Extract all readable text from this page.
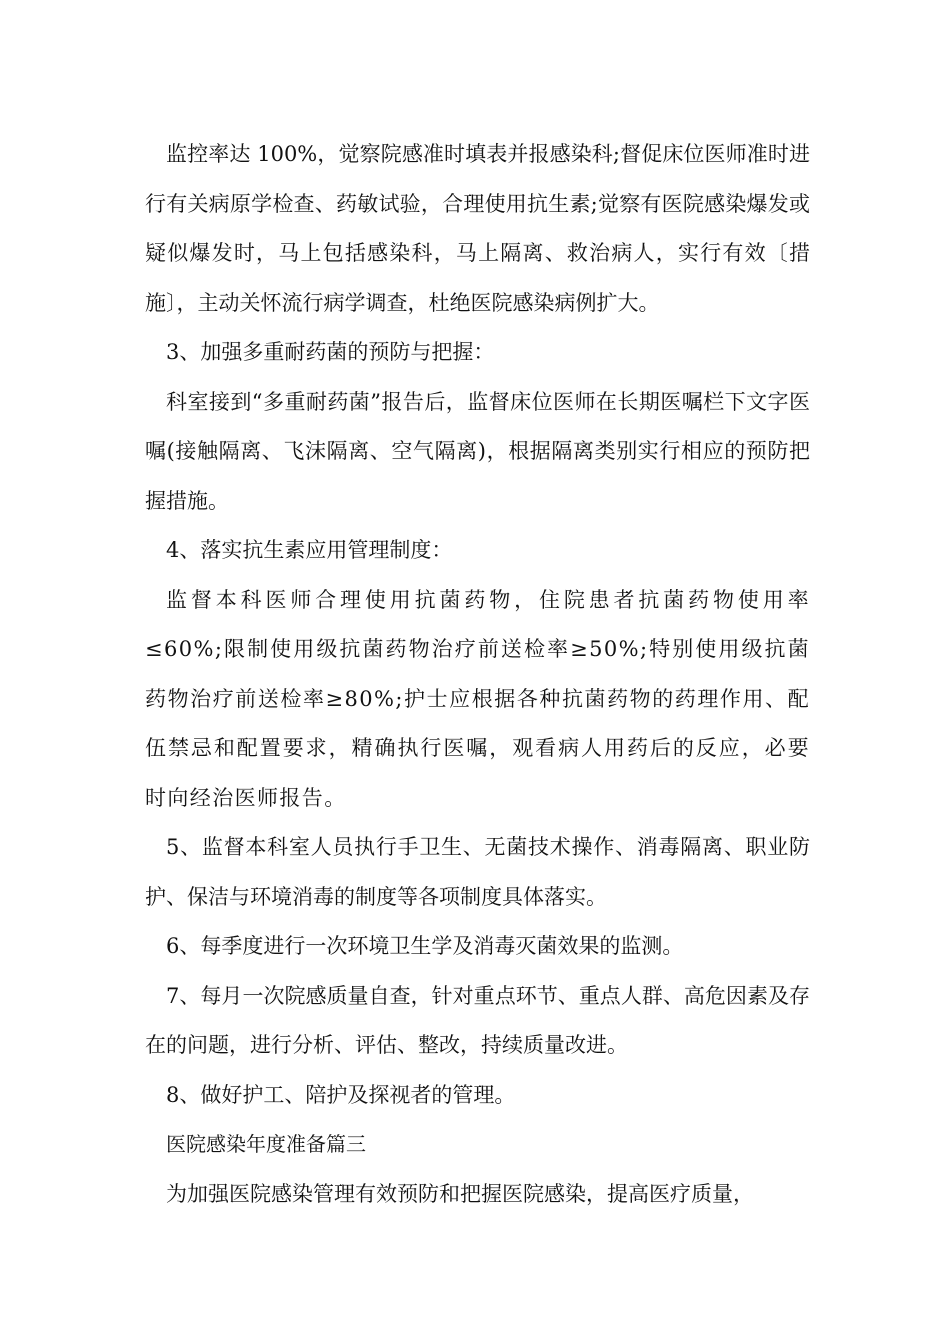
监控率达 100%，觉察院感准时填表并报感染科;督促床位医师准时进行有关病原学检查、药敏试验，合理使用抗生素;觉察有医院感染爆发或疑似爆发时，马上包括感染科，马上隔离、救治病人，实行有效〔措施〕，主动关怀流行病学调查，杜绝医院感染病例扩大。

3、加强多重耐药菌的预防与把握：

科室接到“多重耐药菌”报告后，监督床位医师在长期医嘱栏下文字医嘱(接触隔离、飞沫隔离、空气隔离)，根据隔离类别实行相应的预防把握措施。

4、落实抗生素应用管理制度：

监督本科医师合理使用抗菌药物，住院患者抗菌药物使用率≤60%;限制使用级抗菌药物治疗前送检率≥50%;特别使用级抗菌药物治疗前送检率≥80%;护士应根据各种抗菌药物的药理作用、配伍禁忌和配置要求，精确执行医嘱，观看病人用药后的反应，必要时向经治医师报告。

5、监督本科室人员执行手卫生、无菌技术操作、消毒隔离、职业防护、保洁与环境消毒的制度等各项制度具体落实。

6、每季度进行一次环境卫生学及消毒灭菌效果的监测。

7、每月一次院感质量自查，针对重点环节、重点人群、高危因素及存在的问题，进行分析、评估、整改，持续质量改进。

8、做好护工、陪护及探视者的管理。

医院感染年度准备篇三

为加强医院感染管理有效预防和把握医院感染，提高医疗质量，
